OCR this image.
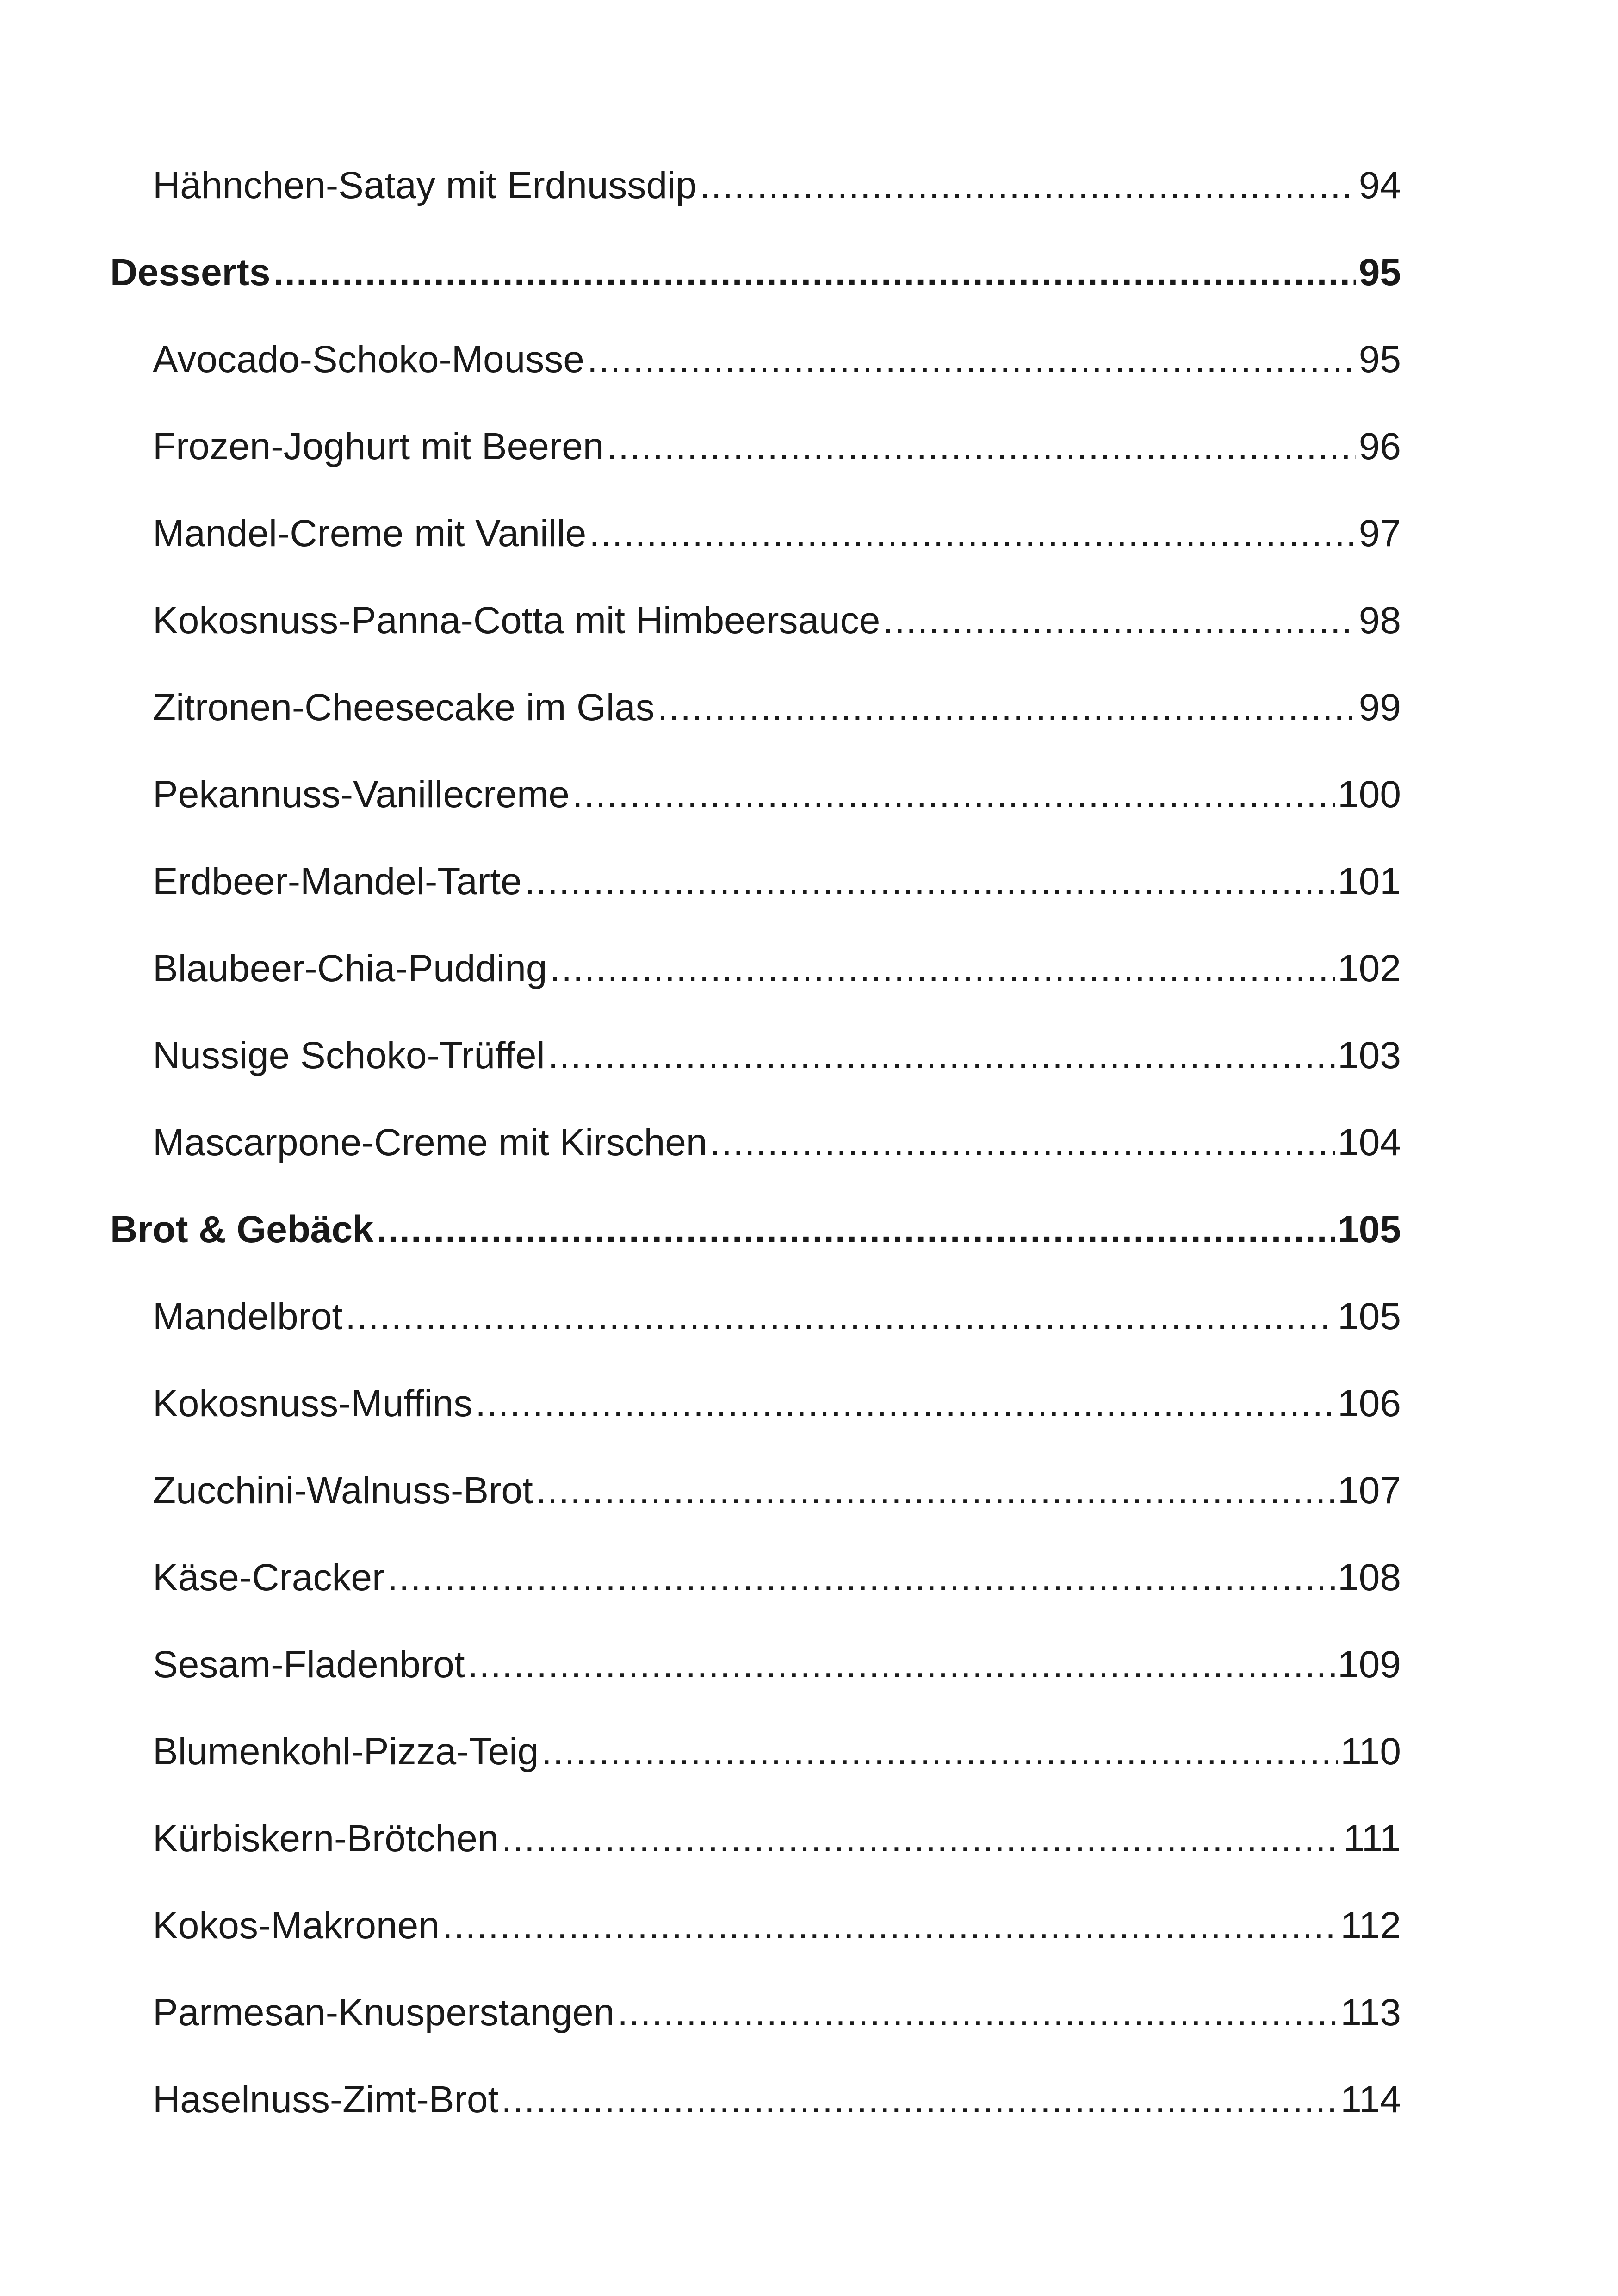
Hähnchen-Satay mit Erdnussdip .....	94
Desserts .....	95
Avocado-Schoko-Mousse .....	95
Frozen-Joghurt mit Beeren .....	96
Mandel-Creme mit Vanille .....	97
Kokosnuss-Panna-Cotta mit Himbeersauce .....	98
Zitronen-Cheesecake im Glas .....	99
Pekannuss-Vanillecreme .....	100
Erdbeer-Mandel-Tarte .....	101
Blaubeer-Chia-Pudding .....	102
Nussige Schoko-Trüffel .....	103
Mascarpone-Creme mit Kirschen .....	104
Brot & Gebäck .....	105
Mandelbrot .....	105
Kokosnuss-Muffins .....	106
Zucchini-Walnuss-Brot .....	107
Käse-Cracker .....	108
Sesam-Fladenbrot .....	109
Blumenkohl-Pizza-Teig .....	110
Kürbiskern-Brötchen .....	111
Kokos-Makronen .....	112
Parmesan-Knusperstangen .....	113
Haselnuss-Zimt-Brot .....	114
